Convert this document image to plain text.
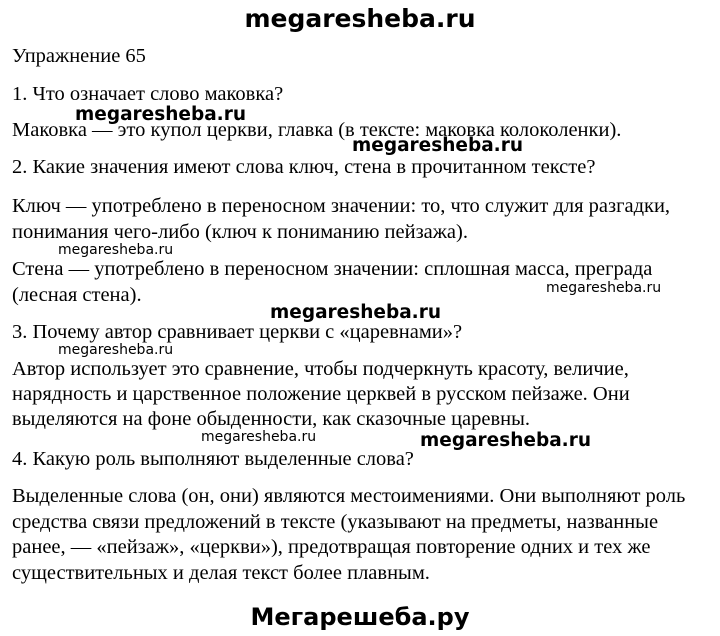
megaresheba.ru
Упражнение 65
1. Что означает слово маковка?
megaresheba.ru
Маковка — это купол церкви, главка (в тексте: маковка колоколенки).
megaresheba.ru
2. Какие значения имеют слова ключ, стена в прочитанном тексте?
Ключ — употреблено в переносном значении: то, что служит для разгадки,
понимания чего-либо (ключ к пониманию пейзажа).
megaresheba.ru
Стена — употреблено в переносном значении: сплошная масса, преграда
megaresheba.ru
(лесная стена).
megaresheba.ru
3. Почему автор сравнивает церкви с «царевнами»?
megaresheba.ru
Автор использует это сравнение, чтобы подчеркнуть красоту, величие,
нарядность и царственное положение церквей в русском пейзаже. Они
выделяются на фоне обыденности, как сказочные царевны.
megaresheba.ru	megaresheba.ru
4. Какую роль выполняют выделенные слова?
Выделенные слова (он, они) являются местоимениями. Они выполняют роль
средства связи предложений в тексте (указывают на предметы, названные
ранее, — «пейзаж», «церкви»), предотвращая повторение одних и тех же
существительных и делая текст более плавным.
Мегарешеба.ру
